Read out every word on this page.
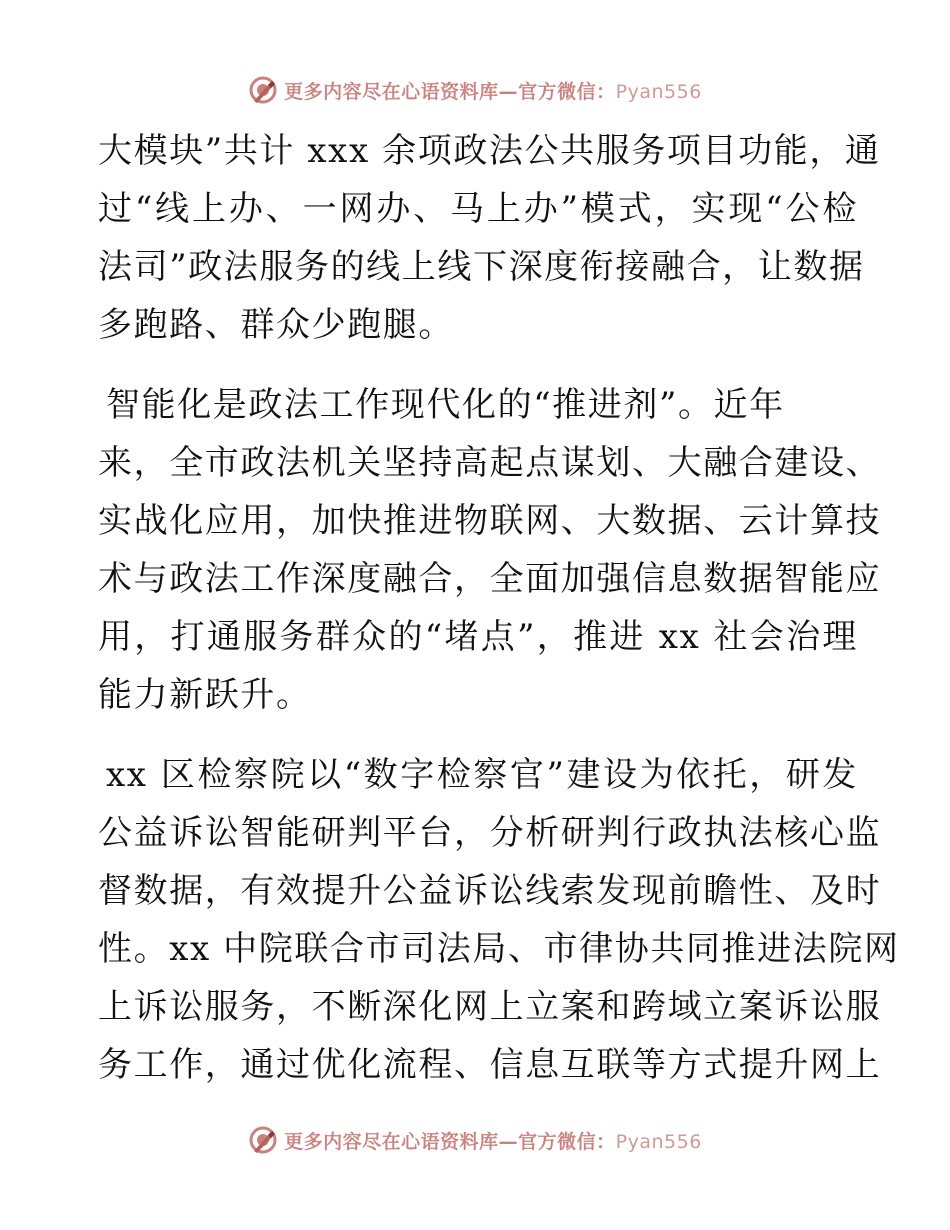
更多内容尽在心语资料库—官方微信：Pyan556

大模块”共计 xxx 余项政法公共服务项目功能，通
过“线上办、一网办、马上办”模式，实现“公检
法司”政法服务的线上线下深度衔接融合，让数据
多跑路、群众少跑腿。

智能化是政法工作现代化的“推进剂”。近年
来，全市政法机关坚持高起点谋划、大融合建设、
实战化应用，加快推进物联网、大数据、云计算技
术与政法工作深度融合，全面加强信息数据智能应
用，打通服务群众的“堵点”，推进 xx 社会治理
能力新跃升。

xx 区检察院以“数字检察官”建设为依托，研发
公益诉讼智能研判平台，分析研判行政执法核心监
督数据，有效提升公益诉讼线索发现前瞻性、及时
性。xx 中院联合市司法局、市律协共同推进法院网
上诉讼服务，不断深化网上立案和跨域立案诉讼服
务工作，通过优化流程、信息互联等方式提升网上

更多内容尽在心语资料库—官方微信：Pyan556
